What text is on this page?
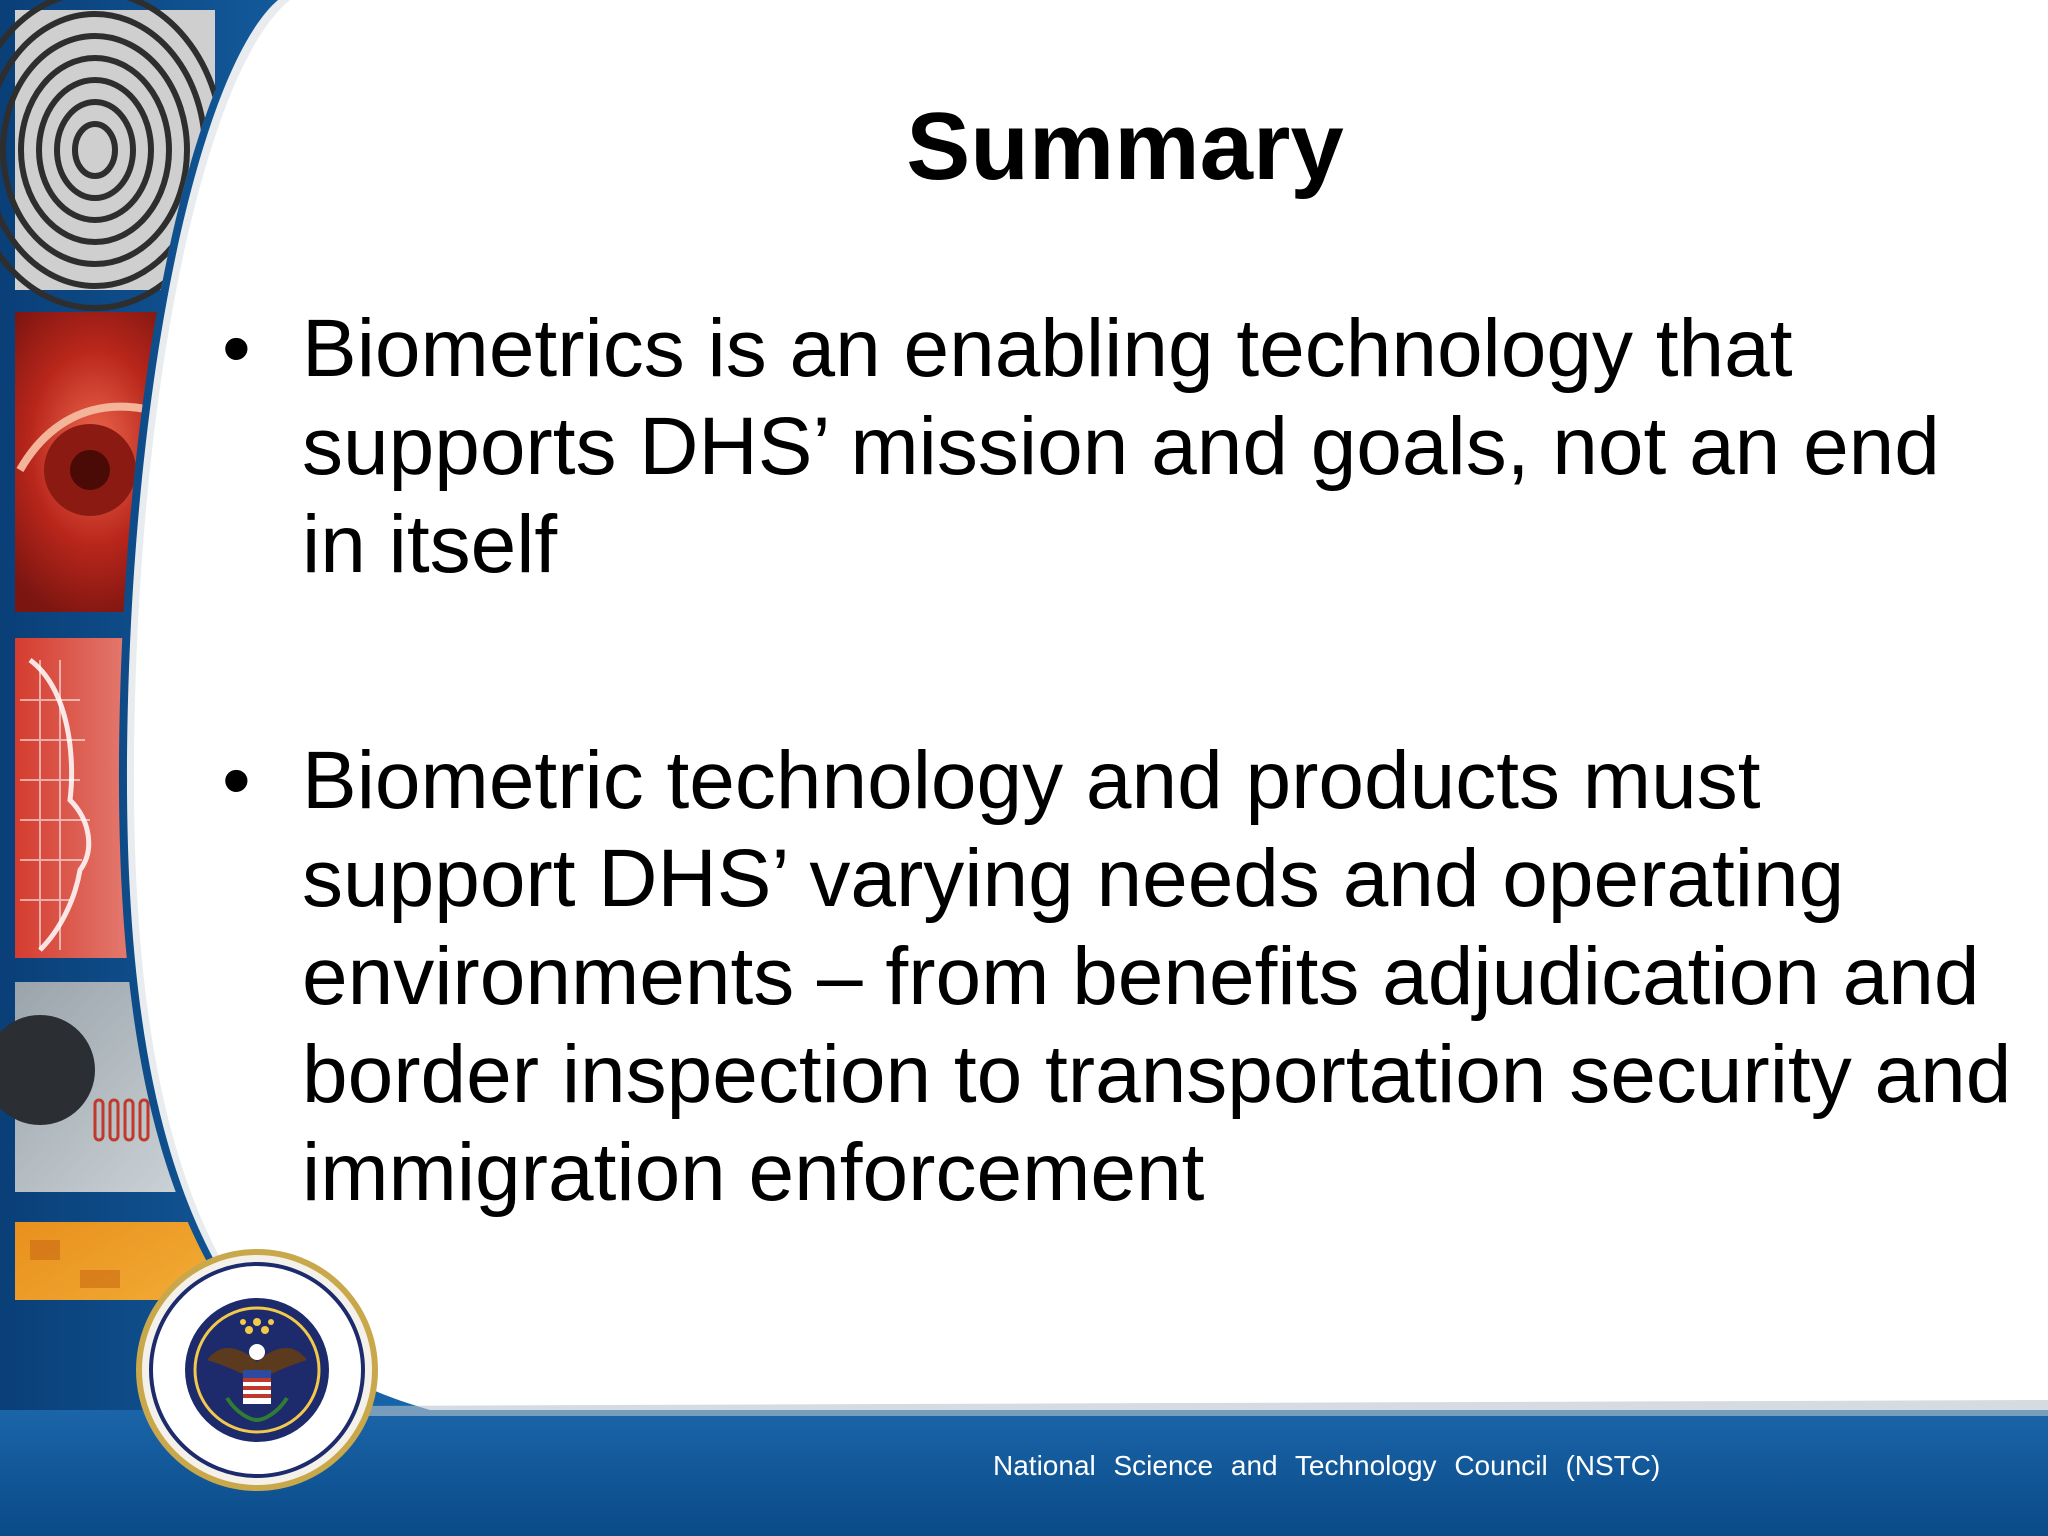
Summary
• Biometrics is an enabling technology that supports DHS’ mission and goals, not an end in itself
• Biometric technology and products must support DHS’ varying needs and operating environments – from benefits adjudication and border inspection to transportation security and immigration enforcement
National Science and Technology Council (NSTC)
